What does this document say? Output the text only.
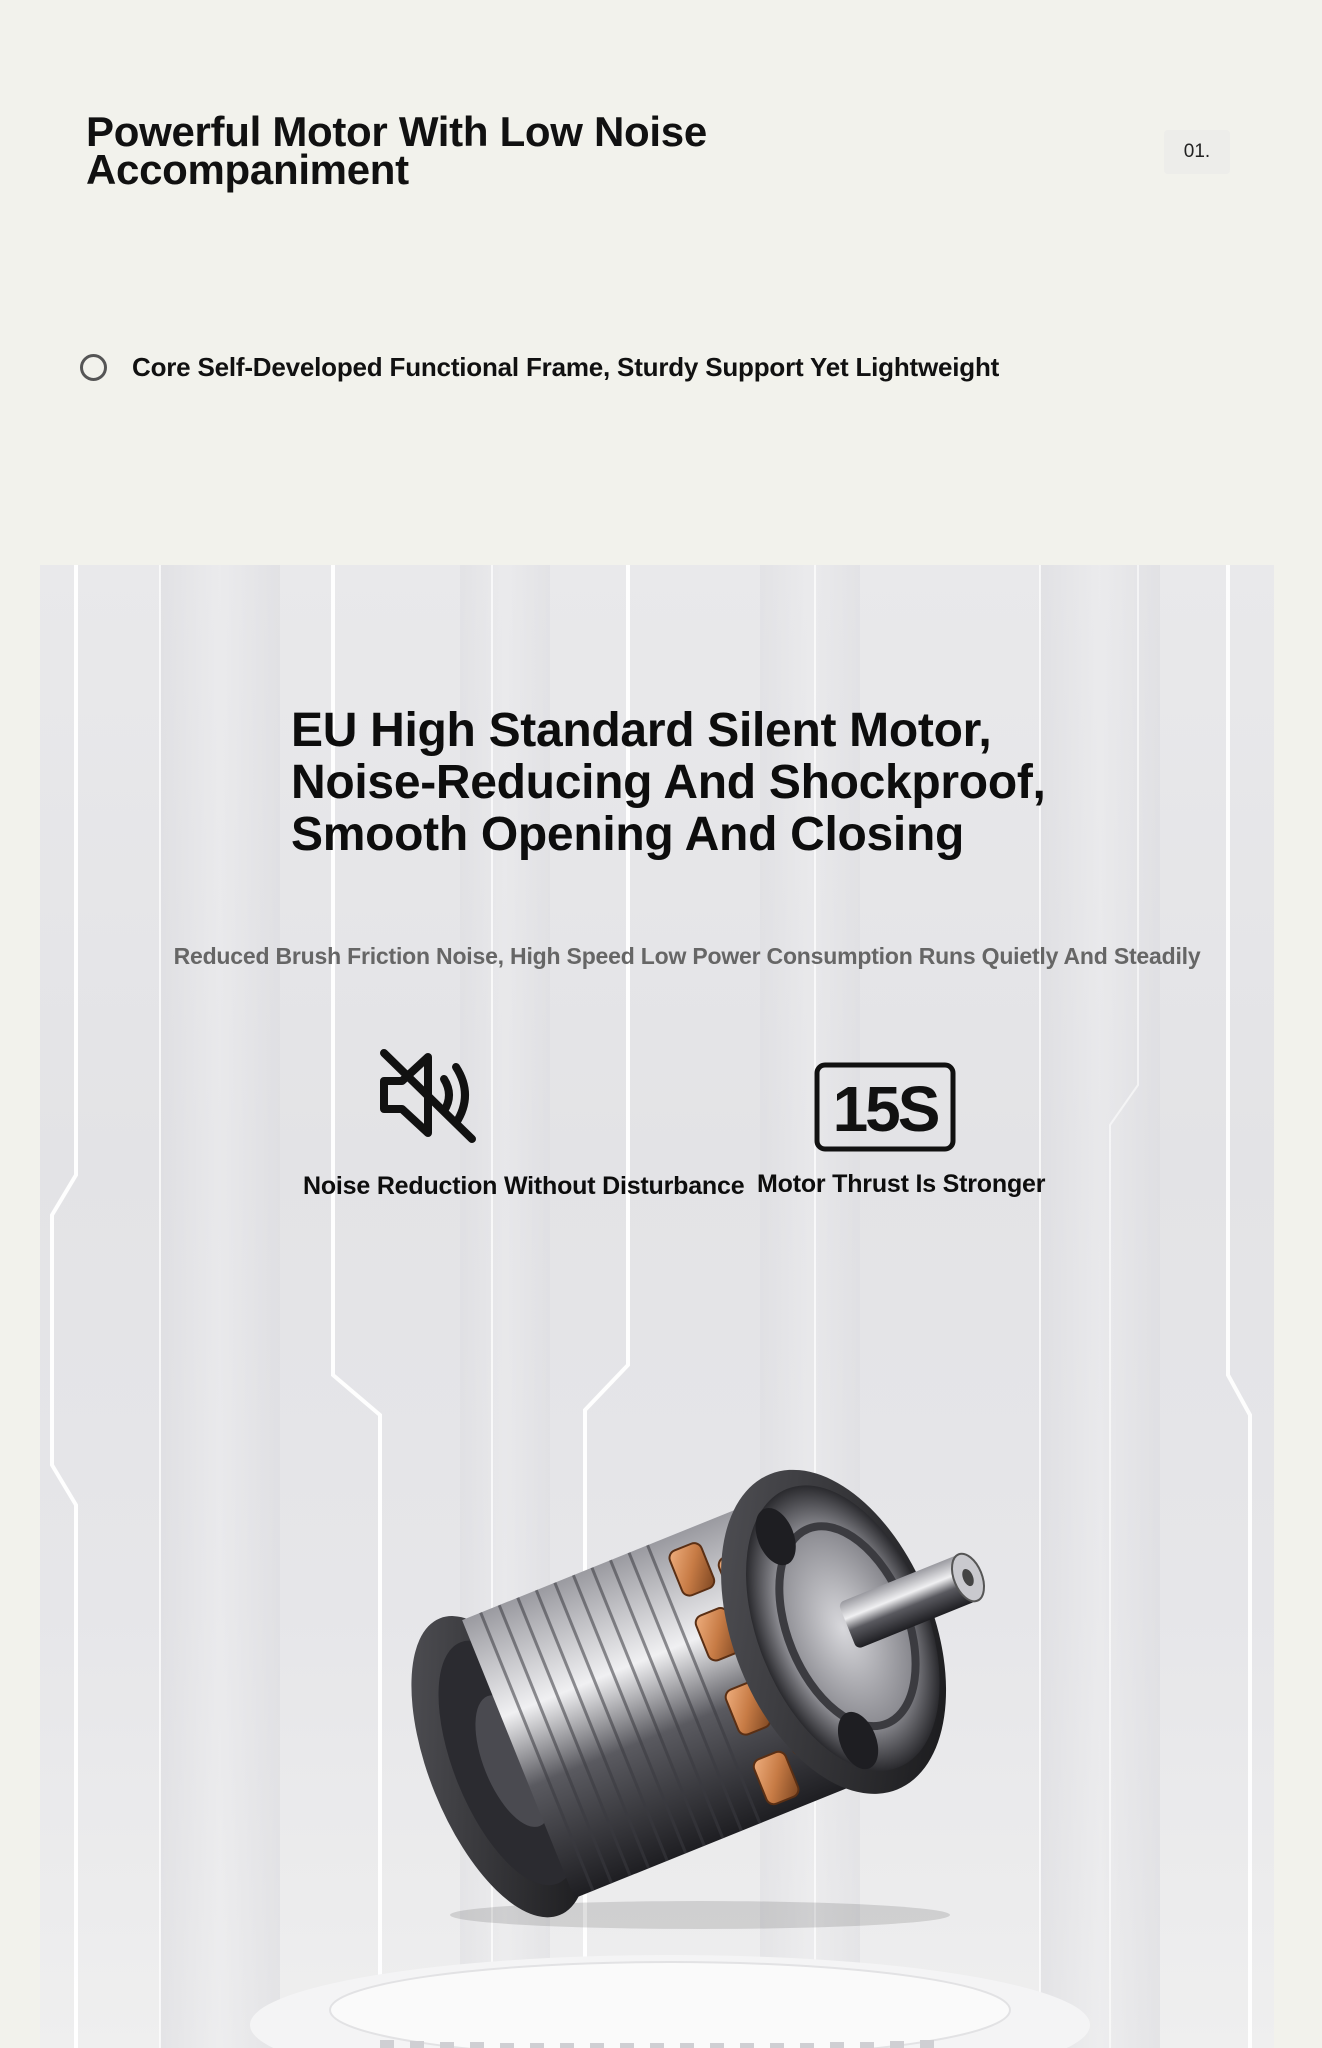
Powerful Motor With Low Noise Accompaniment	01.
Core Self-Developed Functional Frame, Sturdy Support Yet Lightweight
EU High Standard Silent Motor, Noise-Reducing And Shockproof, Smooth Opening And Closing
Reduced Brush Friction Noise, High Speed Low Power Consumption Runs Quietly And Steadily
Noise Reduction Without Disturbance
15S
Motor Thrust Is Stronger
